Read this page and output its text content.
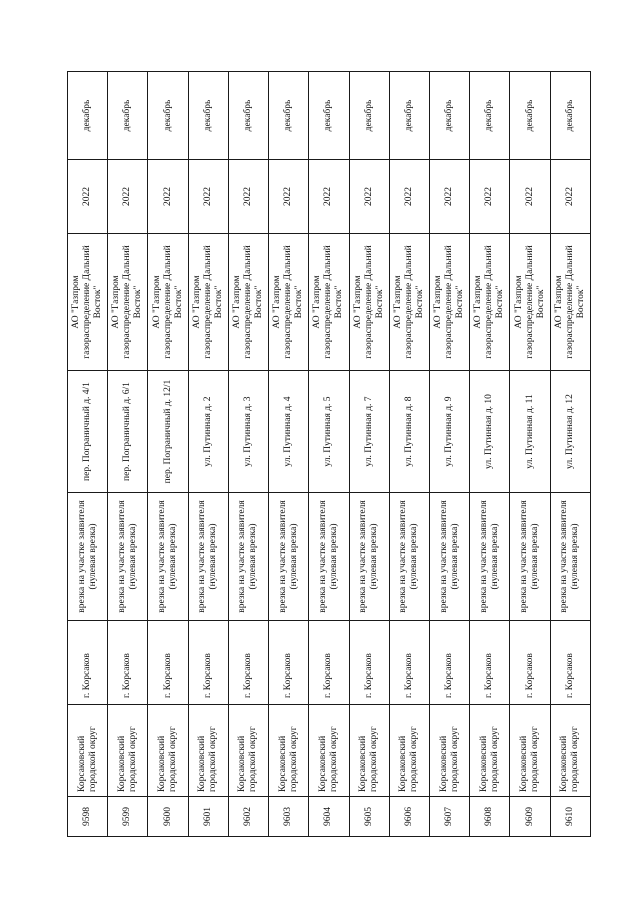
9598	Корсаковский городской округ	г. Корсаков	врезка на участке заявителя (нулевая врезка)	пер. Пограничный д. 4/1	АО "Газпром газораспределение Дальний Восток"	2022	декабрь
9599	Корсаковский городской округ	г. Корсаков	врезка на участке заявителя (нулевая врезка)	пер. Пограничный д. 6/1	АО "Газпром газораспределение Дальний Восток"	2022	декабрь
9600	Корсаковский городской округ	г. Корсаков	врезка на участке заявителя (нулевая врезка)	пер. Пограничный д. 12/1	АО "Газпром газораспределение Дальний Восток"	2022	декабрь
9601	Корсаковский городской округ	г. Корсаков	врезка на участке заявителя (нулевая врезка)	ул. Путинная д. 2	АО "Газпром газораспределение Дальний Восток"	2022	декабрь
9602	Корсаковский городской округ	г. Корсаков	врезка на участке заявителя (нулевая врезка)	ул. Путинная д. 3	АО "Газпром газораспределение Дальний Восток"	2022	декабрь
9603	Корсаковский городской округ	г. Корсаков	врезка на участке заявителя (нулевая врезка)	ул. Путинная д. 4	АО "Газпром газораспределение Дальний Восток"	2022	декабрь
9604	Корсаковский городской округ	г. Корсаков	врезка на участке заявителя (нулевая врезка)	ул. Путинная д. 5	АО "Газпром газораспределение Дальний Восток"	2022	декабрь
9605	Корсаковский городской округ	г. Корсаков	врезка на участке заявителя (нулевая врезка)	ул. Путинная д. 7	АО "Газпром газораспределение Дальний Восток"	2022	декабрь
9606	Корсаковский городской округ	г. Корсаков	врезка на участке заявителя (нулевая врезка)	ул. Путинная д. 8	АО "Газпром газораспределение Дальний Восток"	2022	декабрь
9607	Корсаковский городской округ	г. Корсаков	врезка на участке заявителя (нулевая врезка)	ул. Путинная д. 9	АО "Газпром газораспределение Дальний Восток"	2022	декабрь
9608	Корсаковский городской округ	г. Корсаков	врезка на участке заявителя (нулевая врезка)	ул. Путинная д. 10	АО "Газпром газораспределение Дальний Восток"	2022	декабрь
9609	Корсаковский городской округ	г. Корсаков	врезка на участке заявителя (нулевая врезка)	ул. Путинная д. 11	АО "Газпром газораспределение Дальний Восток"	2022	декабрь
9610	Корсаковский городской округ	г. Корсаков	врезка на участке заявителя (нулевая врезка)	ул. Путинная д. 12	АО "Газпром газораспределение Дальний Восток"	2022	декабрь
